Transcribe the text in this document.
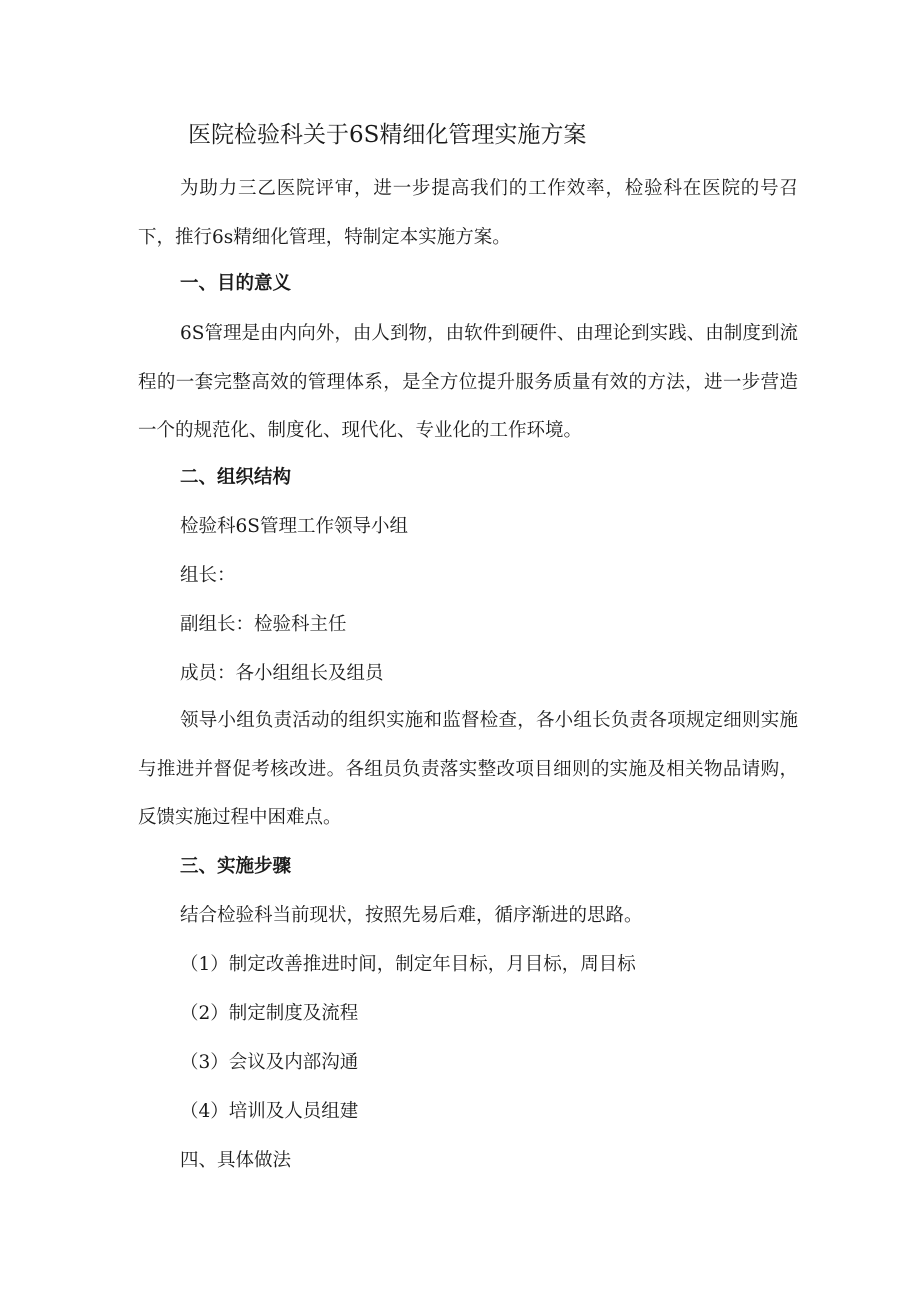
医院检验科关于6S精细化管理实施方案

为助力三乙医院评审，进一步提高我们的工作效率，检验科在医院的号召下，推行6s精细化管理，特制定本实施方案。

一、目的意义

6S管理是由内向外，由人到物，由软件到硬件、由理论到实践、由制度到流程的一套完整高效的管理体系，是全方位提升服务质量有效的方法，进一步营造一个的规范化、制度化、现代化、专业化的工作环境。

二、组织结构

检验科6S管理工作领导小组

组长：

副组长：检验科主任

成员：各小组组长及组员

领导小组负责活动的组织实施和监督检查，各小组长负责各项规定细则实施与推进并督促考核改进。各组员负责落实整改项目细则的实施及相关物品请购，反馈实施过程中困难点。

三、实施步骤

结合检验科当前现状，按照先易后难，循序渐进的思路。

（1）制定改善推进时间，制定年目标，月目标，周目标

（2）制定制度及流程

（3）会议及内部沟通

（4）培训及人员组建

四、具体做法
